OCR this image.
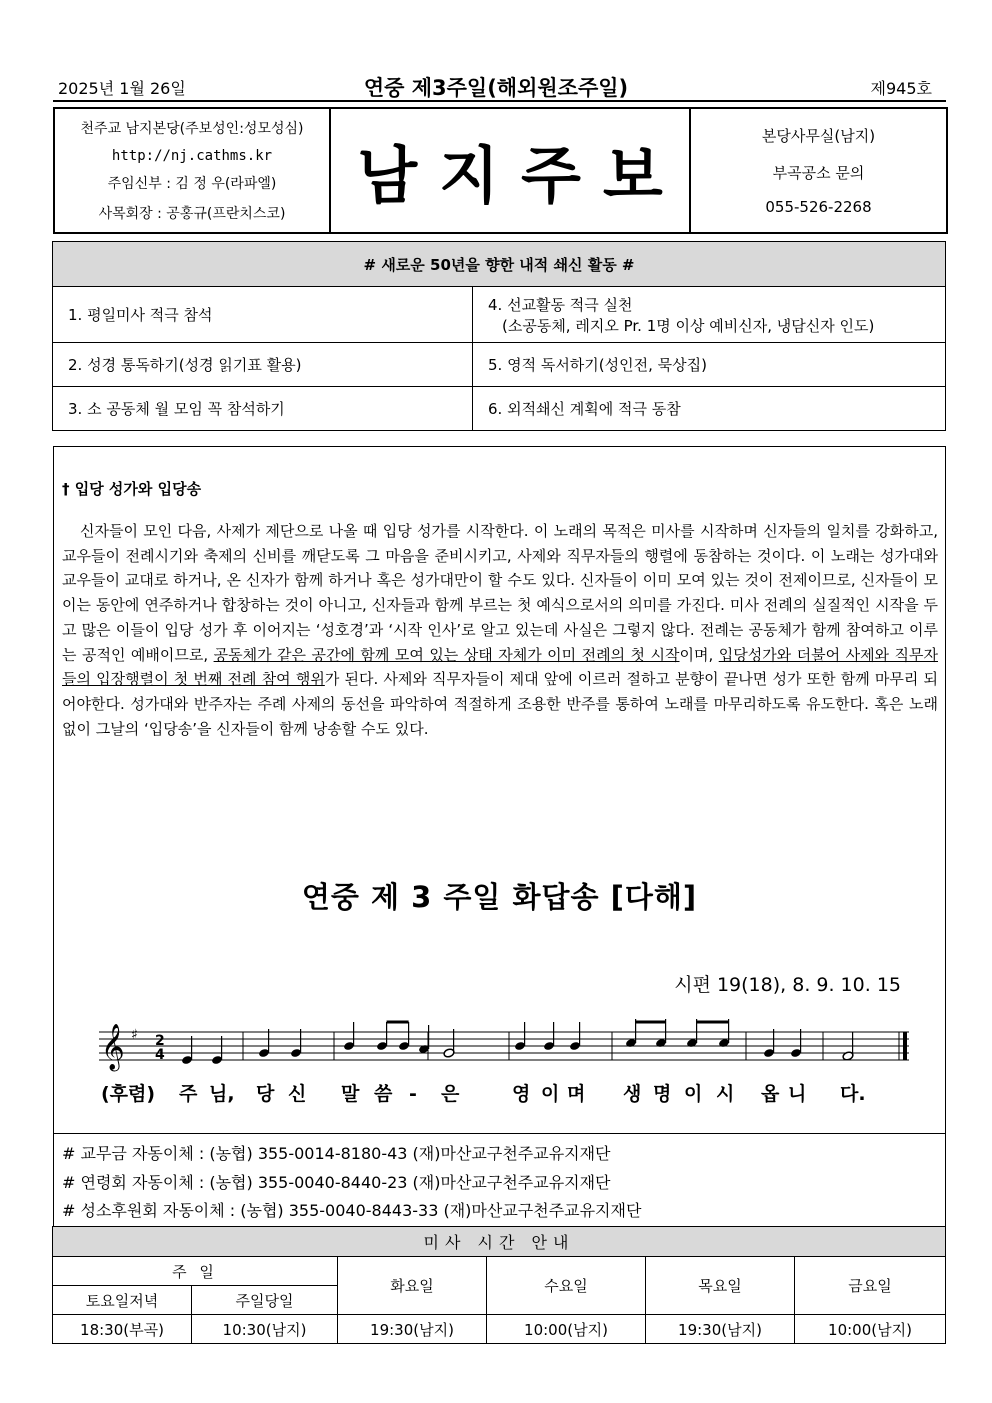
2025년 1월 26일	연중 제3주일(해외원조주일)	제945호
천주교 남지본당(주보성인:성모성심)
http://nj.cathms.kr
주임신부 : 김 정 우(라파엘)
사목회장 : 공홍규(프란치스코)
남지주보
본당사무실(남지)
부곡공소 문의
055-526-2268
# 새로운 50년을 향한 내적 쇄신 활동 #	
1. 평일미사 적극 참석	4. 선교활동 적극 실천
(소공동체, 레지오 Pr. 1명 이상 예비신자, 냉담신자 인도)

2. 성경 통독하기(성경 읽기표 활용)	5. 영적 독서하기(성인전, 묵상집)
3. 소 공동체 월 모임 꼭 참석하기	6. 외적쇄신 계획에 적극 동참
† 입당 성가와 입당송

신자들이 모인 다음, 사제가 제단으로 나올 때 입당 성가를 시작한다. 이 노래의 목적은 미사를 시작하며 신자들의 일치를 강화하고, 교우들이 전례시기와 축제의 신비를 깨닫도록 그 마음을 준비시키고, 사제와 직무자들의 행렬에 동참하는 것이다. 이 노래는 성가대와 교우들이 교대로 하거나, 온 신자가 함께 하거나 혹은 성가대만이 할 수도 있다. 신자들이 이미 모여 있는 것이 전제이므로, 신자들이 모이는 동안에 연주하거나 합창하는 것이 아니고, 신자들과 함께 부르는 첫 예식으로서의 의미를 가진다. 미사 전례의 실질적인 시작을 두고 많은 이들이 입당 성가 후 이어지는 ‘성호경’과 ‘시작 인사’로 알고 있는데 사실은 그렇지 않다. 전례는 공동체가 함께 참여하고 이루는 공적인 예배이므로, 공동체가 같은 공간에 함께 모여 있는 상태 자체가 이미 전례의 첫 시작이며, 입당성가와 더불어 사제와 직무자들의 입장행렬이 첫 번째 전례 참여 행위가 된다. 사제와 직무자들이 제대 앞에 이르러 절하고 분향이 끝나면 성가 또한 함께 마무리 되어야한다. 성가대와 반주자는 주례 사제의 동선을 파악하여 적절하게 조용한 반주를 통하여 노래를 마무리하도록 유도한다. 혹은 노래 없이 그날의 ‘입당송’을 신자들이 함께 낭송할 수도 있다.

연중 제 3 주일 화답송 [다해]
시편 19(18), 8. 9. 10. 15
𝄞 ♯ 2
4
(후렴) 주 님, 당 신 말 씀 - 은	영 이 며 생 명 이 시 옵 니 다.
# 교무금 자동이체 : (농협) 355-0014-8180-43 (재)마산교구천주교유지재단
# 연령회 자동이체 : (농협) 355-0040-8440-23 (재)마산교구천주교유지재단
# 성소후원회 자동이체 : (농협) 355-0040-8443-33 (재)마산교구천주교유지재단
미사 시간 안내					
주 일		화요일	수요일	목요일	금요일
토요일저녁	주일당일				
18:30(부곡)	10:30(남지)	19:30(남지)	10:00(남지)	19:30(남지)	10:00(남지)
